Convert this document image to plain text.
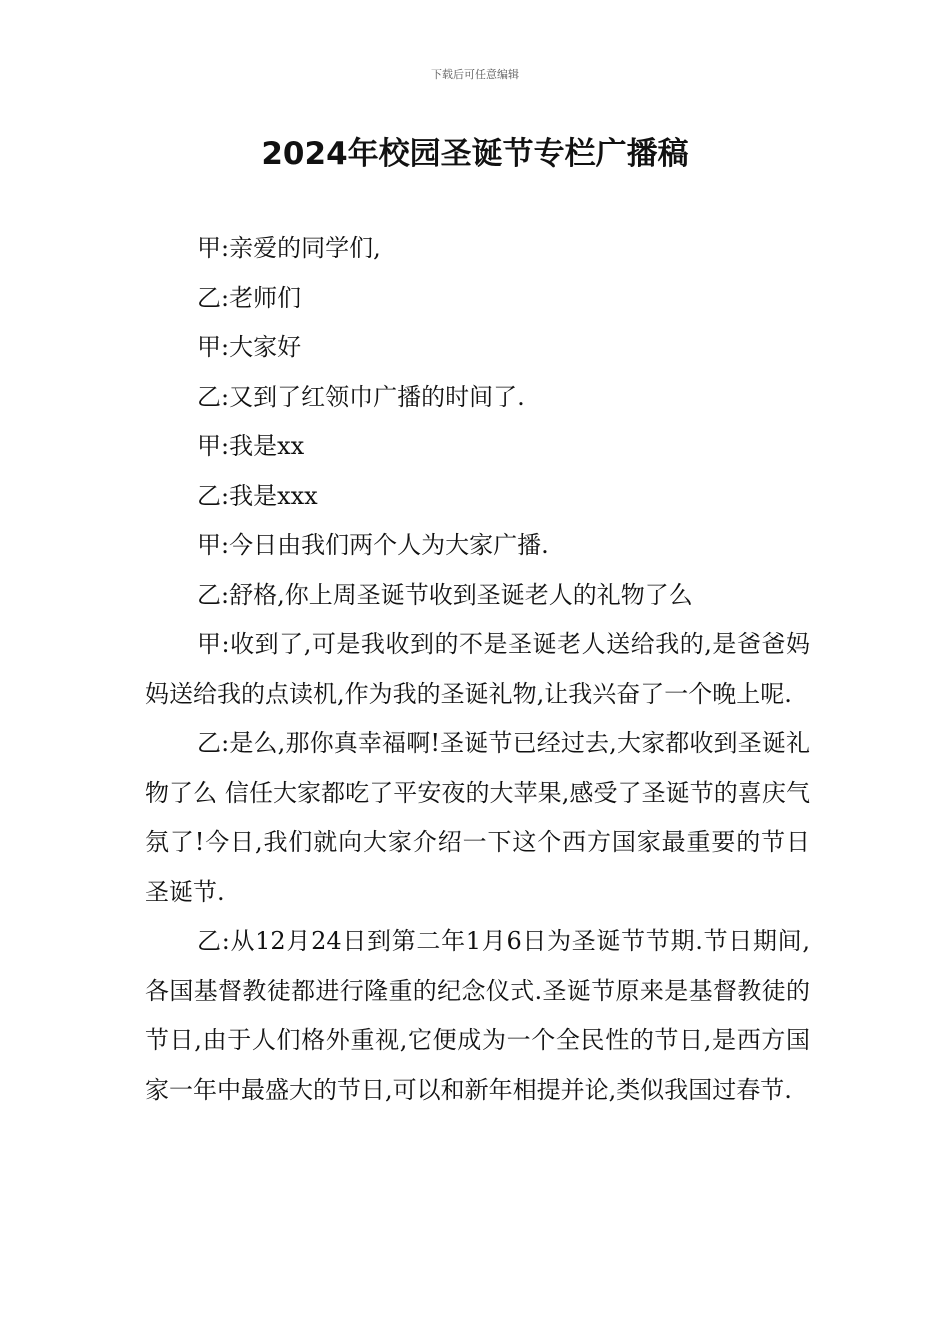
下载后可任意编辑
2024年校园圣诞节专栏广播稿

甲:亲爱的同学们,

乙:老师们

甲:大家好

乙:又到了红领巾广播的时间了.

甲:我是xx

乙:我是xxx

甲:今日由我们两个人为大家广播.

乙:舒格,你上周圣诞节收到圣诞老人的礼物了么

甲:收到了,可是我收到的不是圣诞老人送给我的,是爸爸妈妈送给我的点读机,作为我的圣诞礼物,让我兴奋了一个晚上呢.

乙:是么,那你真幸福啊!圣诞节已经过去,大家都收到圣诞礼物了么 信任大家都吃了平安夜的大苹果,感受了圣诞节的喜庆气氛了!今日,我们就向大家介绍一下这个西方国家最重要的节日圣诞节.

乙:从12月24日到第二年1月6日为圣诞节节期.节日期间,各国基督教徒都进行隆重的纪念仪式.圣诞节原来是基督教徒的节日,由于人们格外重视,它便成为一个全民性的节日,是西方国家一年中最盛大的节日,可以和新年相提并论,类似我国过春节.
